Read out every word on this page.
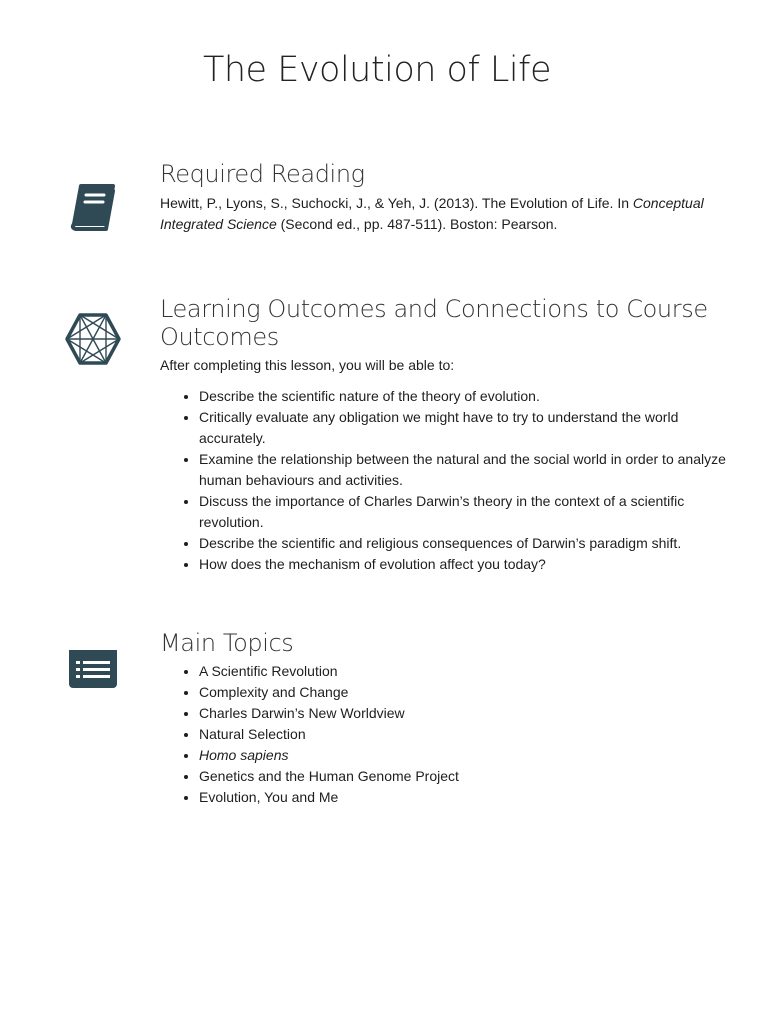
The Evolution of Life
Required Reading

Hewitt, P., Lyons, S., Suchocki, J., & Yeh, J. (2013). The Evolution of Life. In Conceptual Integrated Science (Second ed., pp. 487-511). Boston: Pearson.

Learning Outcomes and Connections to Course Outcomes

After completing this lesson, you will be able to:

• Describe the scientific nature of the theory of evolution.
• Critically evaluate any obligation we might have to try to understand the world accurately.
• Examine the relationship between the natural and the social world in order to analyze human behaviours and activities.
• Discuss the importance of Charles Darwin’s theory in the context of a scientific revolution.
• Describe the scientific and religious consequences of Darwin’s paradigm shift.
• How does the mechanism of evolution affect you today?
Main Topics
• A Scientific Revolution
• Complexity and Change
• Charles Darwin’s New Worldview
• Natural Selection
• Homo sapiens
• Genetics and the Human Genome Project
• Evolution, You and Me
